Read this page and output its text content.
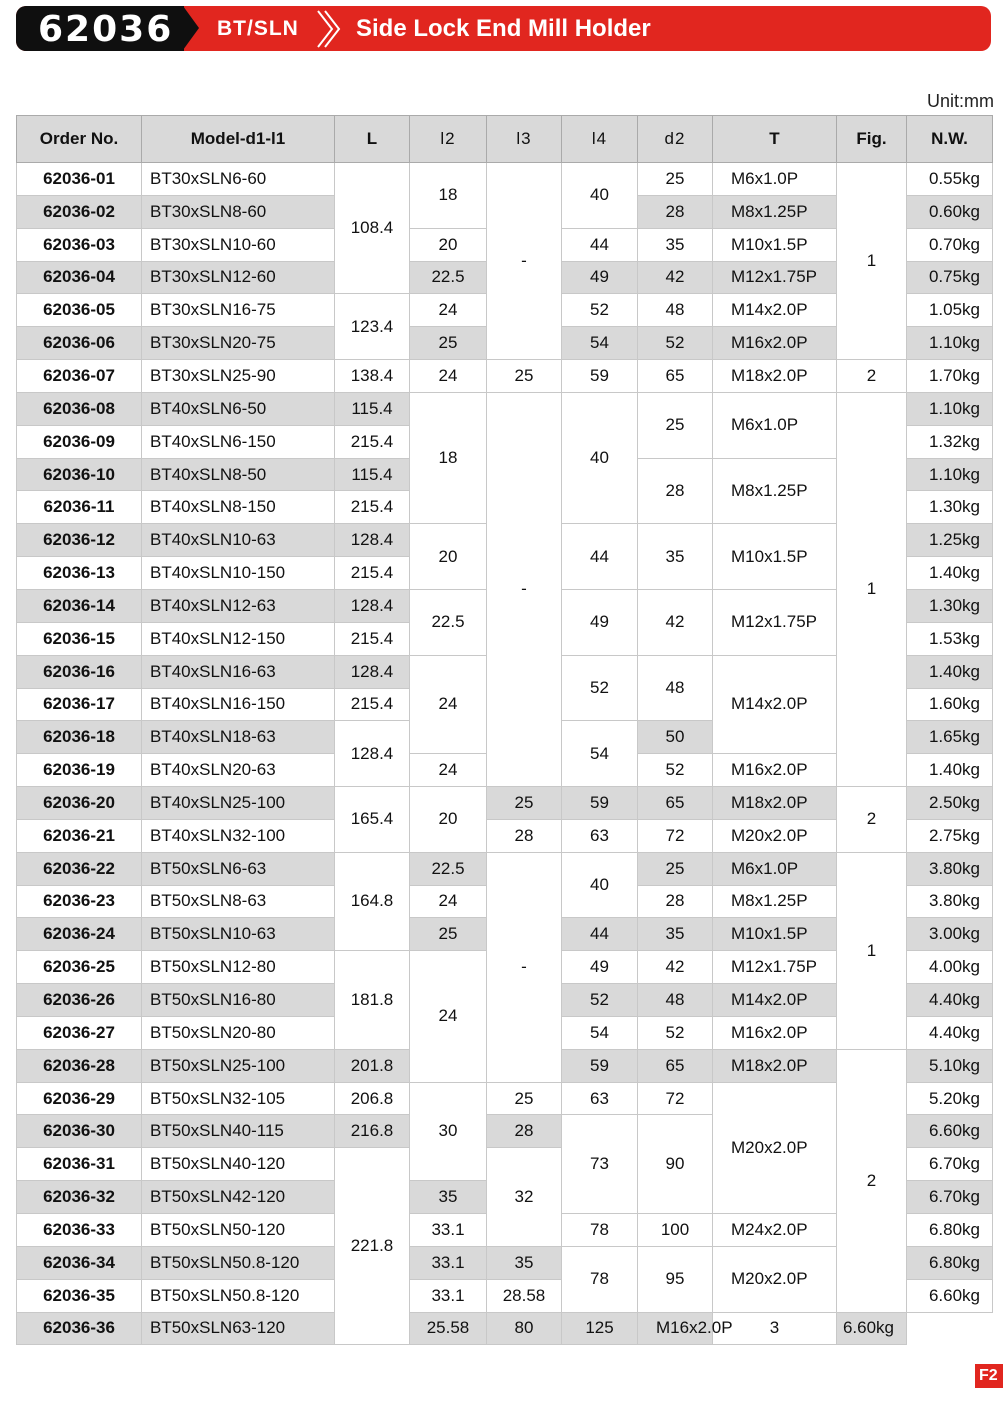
62036	BT/SLN Side Lock End Mill Holder
Unit:mm
Order No.	Model-d1-l1	L	l2	l3	l4	d2	T	Fig.	N.W.
62036-01	BT30xSLN6-60	108.4	18	-	40	25	M6x1.0P	1	0.55kg
62036-02	BT30xSLN8-60					28	M8x1.25P		0.60kg
62036-03	BT30xSLN10-60		20		44	35	M10x1.5P		0.70kg
62036-04	BT30xSLN12-60		22.5		49	42	M12x1.75P		0.75kg
62036-05	BT30xSLN16-75	123.4	24		52	48	M14x2.0P		1.05kg
62036-06	BT30xSLN20-75		25		54	52	M16x2.0P		1.10kg
62036-07	BT30xSLN25-90	138.4	24	25	59	65	M18x2.0P	2	1.70kg
62036-08	BT40xSLN6-50	115.4	18	-	40	25	M6x1.0P	1	1.10kg
62036-09	BT40xSLN6-150	215.4							1.32kg
62036-10	BT40xSLN8-50	115.4				28	M8x1.25P		1.10kg
62036-11	BT40xSLN8-150	215.4							1.30kg
62036-12	BT40xSLN10-63	128.4	20		44	35	M10x1.5P		1.25kg
62036-13	BT40xSLN10-150	215.4							1.40kg
62036-14	BT40xSLN12-63	128.4	22.5		49	42	M12x1.75P		1.30kg
62036-15	BT40xSLN12-150	215.4							1.53kg
62036-16	BT40xSLN16-63	128.4	24		52	48	M14x2.0P		1.40kg
62036-17	BT40xSLN16-150	215.4							1.60kg
62036-18	BT40xSLN18-63	128.4			54	50			1.65kg
62036-19	BT40xSLN20-63		24			52	M16x2.0P		1.40kg
62036-20	BT40xSLN25-100	165.4	20	25	59	65	M18x2.0P	2	2.50kg
62036-21	BT40xSLN32-100			28	63	72	M20x2.0P		2.75kg
62036-22	BT50xSLN6-63	164.8	22.5	-	40	25	M6x1.0P	1	3.80kg
62036-23	BT50xSLN8-63		24			28	M8x1.25P		3.80kg
62036-24	BT50xSLN10-63		25		44	35	M10x1.5P		3.00kg
62036-25	BT50xSLN12-80	181.8	24		49	42	M12x1.75P		4.00kg
62036-26	BT50xSLN16-80				52	48	M14x2.0P		4.40kg
62036-27	BT50xSLN20-80				54	52	M16x2.0P		4.40kg
62036-28	BT50xSLN25-100	201.8			59	65	M18x2.0P	2	5.10kg
62036-29	BT50xSLN32-105	206.8	30	25	63	72	M20x2.0P		5.20kg
62036-30	BT50xSLN40-115	216.8		28	73	90			6.60kg
62036-31	BT50xSLN40-120	221.8		32					6.70kg
62036-32	BT50xSLN42-120		35						6.70kg
62036-33	BT50xSLN50-120		33.1		78	100	M24x2.0P		6.80kg
62036-34	BT50xSLN50.8-120		33.1	35	78	95	M20x2.0P		6.80kg
62036-35	BT50xSLN50.8-120		33.1	28.58					6.60kg
62036-36	BT50xSLN63-120		25.58	80	125	M16x2.0P	3	6.60kg	
F2
